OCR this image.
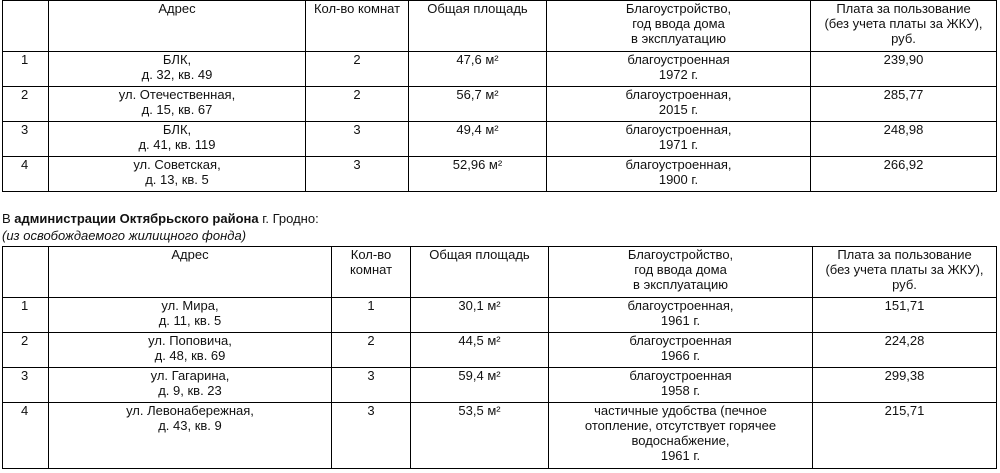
	Адрес	Кол-во комнат	Общая площадь	Благоустройство,
год ввода дома
в эксплуатацию	Плата за пользование
(без учета платы за ЖКУ),
руб.
1	БЛК,
д. 32, кв. 49	2	47,6 м²	благоустроенная
1972 г.	239,90
2	ул. Отечественная,
д. 15, кв. 67	2	56,7 м²	благоустроенная,
2015 г.	285,77
3	БЛК,
д. 41, кв. 119	3	49,4 м²	благоустроенная,
1971 г.	248,98
4	ул. Советская,
д. 13, кв. 5	3	52,96 м²	благоустроенная,
1900 г.	266,92
В администрации Октябрьского района г. Гродно:
(из освобождаемого жилищного фонда)
	Адрес	Кол-во
комнат	Общая площадь	Благоустройство,
год ввода дома
в эксплуатацию	Плата за пользование
(без учета платы за ЖКУ),
руб.
1	ул. Мира,
д. 11, кв. 5	1	30,1 м²	благоустроенная,
1961 г.	151,71
2	ул. Поповича,
д. 48, кв. 69	2	44,5 м²	благоустроенная
1966 г.	224,28
3	ул. Гагарина,
д. 9, кв. 23	3	59,4 м²	благоустроенная
1958 г.	299,38
4	ул. Левонабережная,
д. 43, кв. 9	3	53,5 м²	частичные удобства (печное
отопление, отсутствует горячее
водоснабжение,
1961 г.	215,71
